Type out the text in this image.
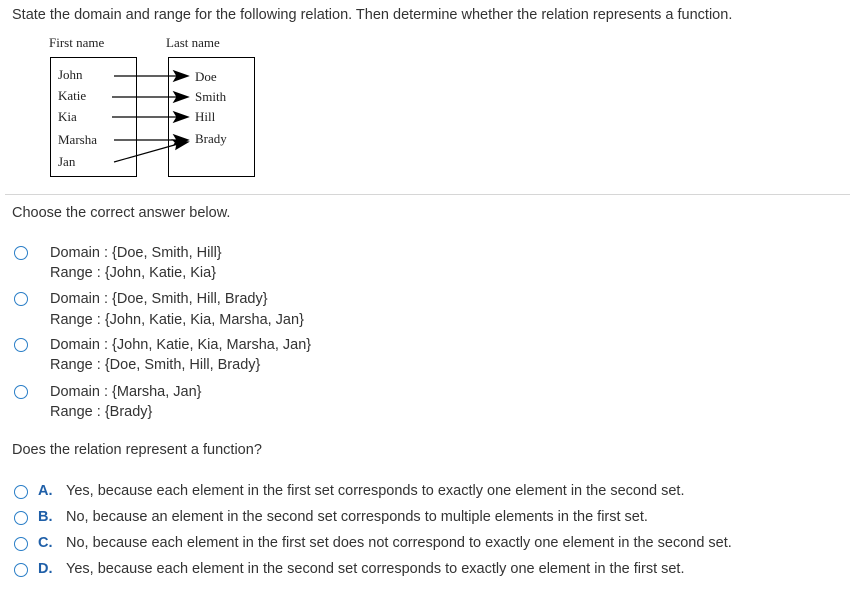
State the domain and range for the following relation. Then determine whether the relation represents a function.
First name	Last name
John
Katie
Kia
Marsha
Jan
Doe
Smith
Hill
Brady
Choose the correct answer below.
Domain : {Doe, Smith, Hill}
Range : {John, Katie, Kia}
Domain : {Doe, Smith, Hill, Brady}
Range : {John, Katie, Kia, Marsha, Jan}
Domain : {John, Katie, Kia, Marsha, Jan}
Range : {Doe, Smith, Hill, Brady}
Domain : {Marsha, Jan}
Range : {Brady}
Does the relation represent a function?
A. Yes, because each element in the first set corresponds to exactly one element in the second set.
B. No, because an element in the second set corresponds to multiple elements in the first set.
C. No, because each element in the first set does not correspond to exactly one element in the second set.
D. Yes, because each element in the second set corresponds to exactly one element in the first set.
